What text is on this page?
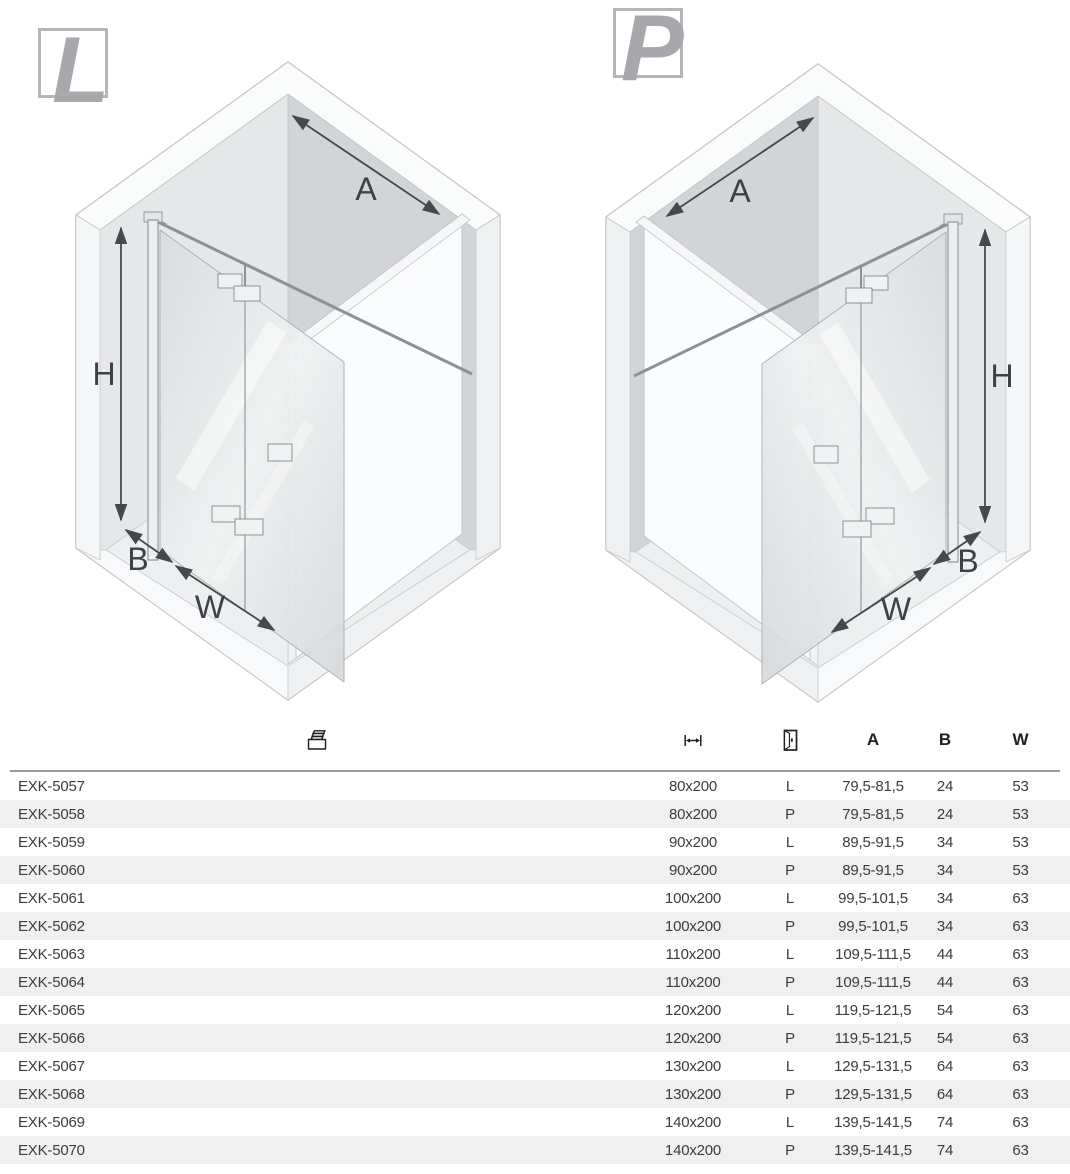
L	P
A
H
B
W
A
H
B
W
A	B	W
EXK-5057	80x200	L	79,5-81,5	24	53
EXK-5058	80x200	P	79,5-81,5	24	53
EXK-5059	90x200	L	89,5-91,5	34	53
EXK-5060	90x200	P	89,5-91,5	34	53
EXK-5061	100x200	L	99,5-101,5	34	63
EXK-5062	100x200	P	99,5-101,5	34	63
EXK-5063	110x200	L	109,5-111,5	44	63
EXK-5064	110x200	P	109,5-111,5	44	63
EXK-5065	120x200	L	119,5-121,5	54	63
EXK-5066	120x200	P	119,5-121,5	54	63
EXK-5067	130x200	L	129,5-131,5	64	63
EXK-5068	130x200	P	129,5-131,5	64	63
EXK-5069	140x200	L	139,5-141,5	74	63
EXK-5070	140x200	P	139,5-141,5	74	63
